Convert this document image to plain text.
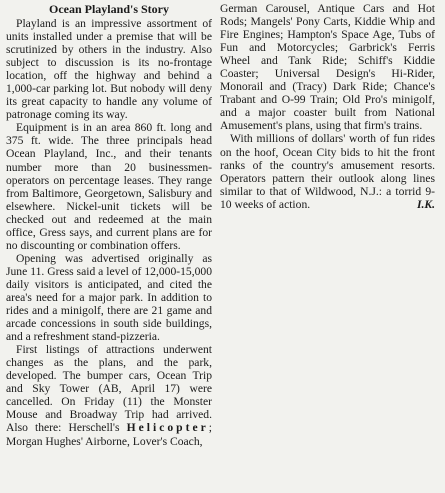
Ocean Playland's Story

Playland is an impressive assortment of units installed under a premise that will be scrutinized by others in the industry. Also subject to discussion is its no-frontage location, off the highway and behind a 1,000-car parking lot. But nobody will deny its great capacity to handle any volume of patronage coming its way.

Equipment is in an area 860 ft. long and 375 ft. wide. The three principals head Ocean Playland, Inc., and their tenants number more than 20 businessmen-operators on percentage leases. They range from Baltimore, Georgetown, Salisbury and elsewhere. Nickel-unit tickets will be checked out and redeemed at the main office, Gress says, and current plans are for no discounting or combination offers.

Opening was advertised originally as June 11. Gress said a level of 12,000-15,000 daily visitors is anticipated, and cited the area's need for a major park. In addition to rides and a minigolf, there are 21 game and arcade concessions in south side buildings, and a refreshment stand-pizzeria.

First listings of attractions underwent changes as the plans, and the park, developed. The bumper cars, Ocean Trip and Sky Tower (AB, April 17) were cancelled. On Friday (11) the Monster Mouse and Broadway Trip had arrived. Also there: Herschell's Helicopter; Morgan Hughes' Airborne, Lover's Coach,

German Carousel, Antique Cars and Hot Rods; Mangels' Pony Carts, Kiddie Whip and Fire Engines; Hampton's Space Age, Tubs of Fun and Motorcycles; Garbrick's Ferris Wheel and Tank Ride; Schiff's Kiddie Coaster; Universal Design's Hi-Rider, Monorail and (Tracy) Dark Ride; Chance's Trabant and O-99 Train; Old Pro's minigolf, and a major coaster built from National Amusement's plans, using that firm's trains.

With millions of dollars' worth of fun rides on the hoof, Ocean City bids to hit the front ranks of the country's amusement resorts. Operators pattern their outlook along lines similar to that of Wildwood, N.J.: a torrid 9-10 weeks of action.	I.K.
